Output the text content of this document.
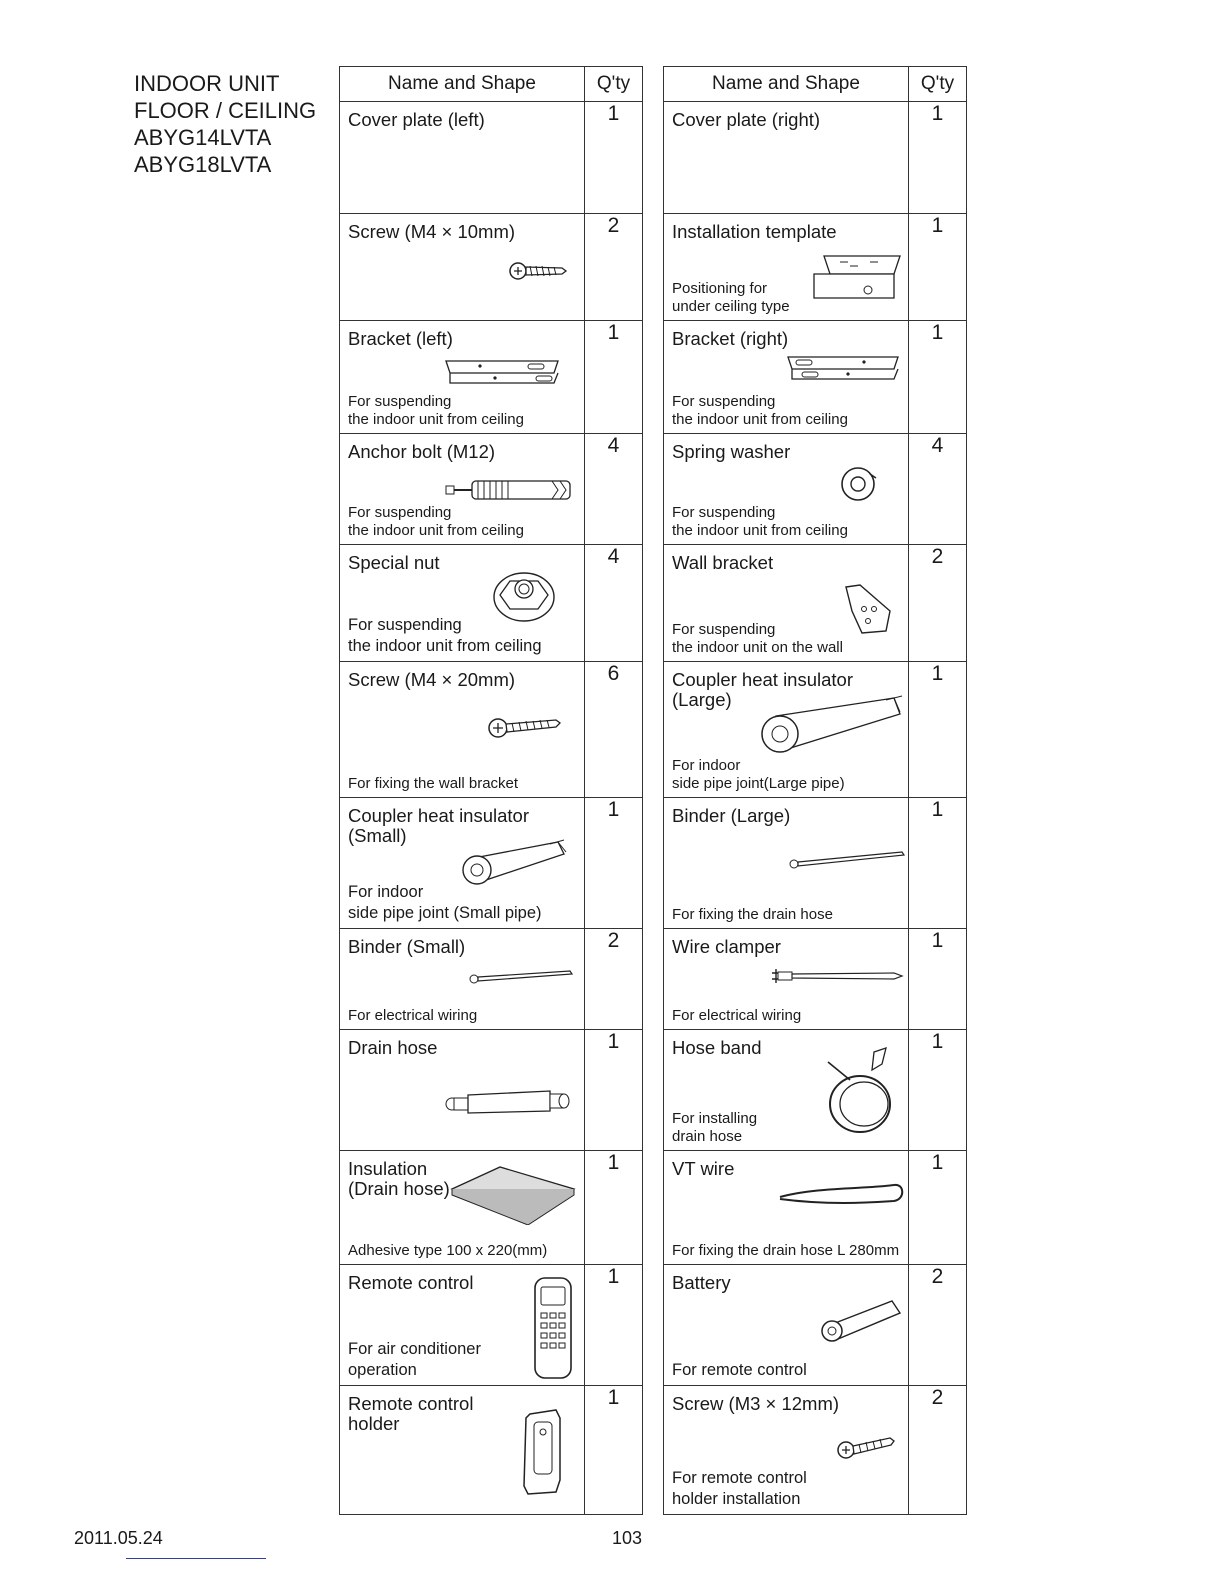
INDOOR UNIT
FLOOR / CEILING
ABYG14LVTA
ABYG18LVTA
Name and Shape	Q'ty

Cover plate (left)	1

Screw (M4 × 10mm)	2

Bracket (left)
For suspending
the indoor unit from ceiling	1

Anchor bolt (M12)
For suspending
the indoor unit from ceiling	4

Special nut
For suspending
the indoor unit from ceiling	4

Screw (M4 × 20mm)
For fixing the wall bracket	6

Coupler heat insulator
(Small)
For indoor
side pipe joint (Small pipe)	1

Binder (Small)
For electrical wiring	2

Drain hose	1

Insulation
(Drain hose)
Adhesive type 100 x 220(mm)	1

Remote control
For air conditioner
operation	1

Remote control
holder	1
Name and Shape	Q'ty

Cover plate (right)	1

Installation template
Positioning for
under ceiling type	1

Bracket (right)
For suspending
the indoor unit from ceiling	1

Spring washer
For suspending
the indoor unit from ceiling	4

Wall bracket
For suspending
the indoor unit on the wall	2

Coupler heat insulator
(Large)
For indoor
side pipe joint(Large pipe)	1

Binder (Large)
For fixing the drain hose	1

Wire clamper
For electrical wiring	1

Hose band
For installing
drain hose	1

VT wire
For fixing the drain hose L 280mm	1

Battery
For remote control	2

Screw (M3 × 12mm)
For remote control
holder installation	2
2011.05.24	103
